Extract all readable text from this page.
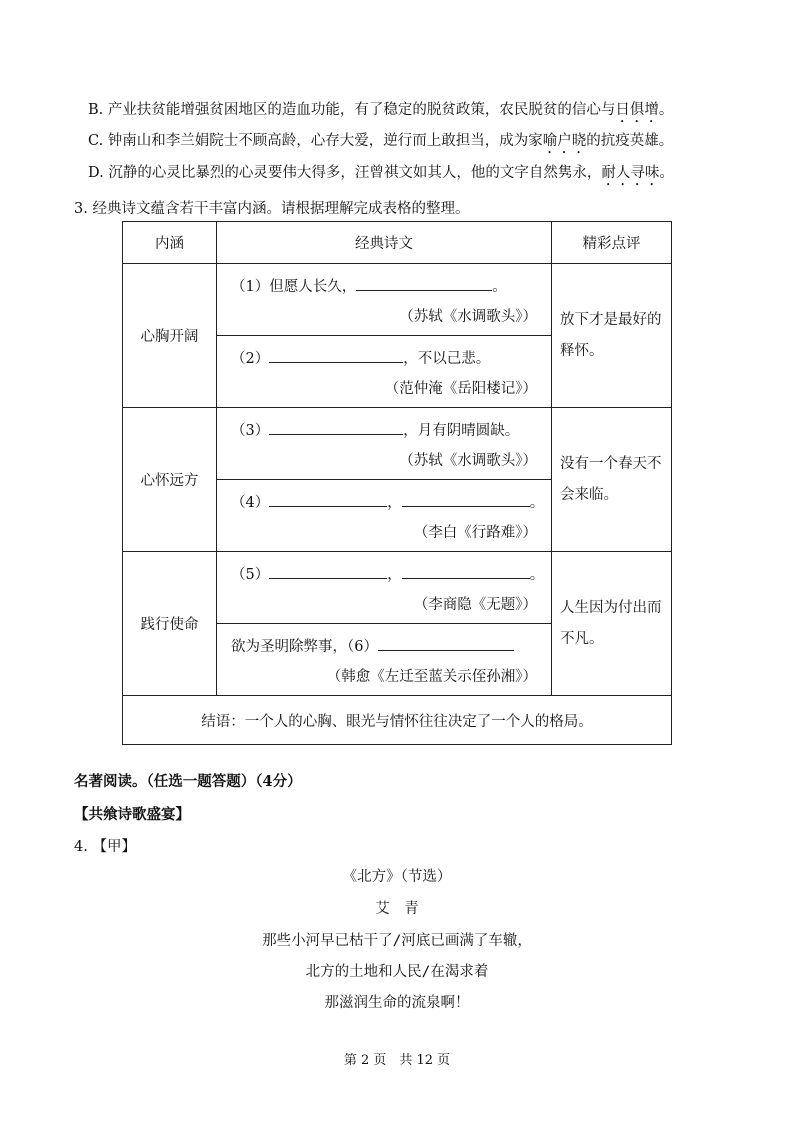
B. 产业扶贫能增强贫困地区的造血功能，有了稳定的脱贫政策，农民脱贫的信心与日俱增。
C. 钟南山和李兰娟院士不顾高龄，心存大爱，逆行而上敢担当，成为家喻户晓的抗疫英雄。
D. 沉静的心灵比暴烈的心灵要伟大得多，汪曾祺文如其人，他的文字自然隽永，耐人寻味。
3. 经典诗文蕴含若干丰富内涵。请根据理解完成表格的整理。
内涵	经典诗文	精彩点评
心胸开阔	（1）但愿人长久， 。
（苏轼《水调歌头》）	放下才是最好的释怀。

	（2） ，不以己悲。
（范仲淹《岳阳楼记》）	

心怀远方	（3） ，月有阴晴圆缺。
（苏轼《水调歌头》）	没有一个春天不会来临。

	（4） ， 。
（李白《行路难》）	

践行使命	（5） ， 。
（李商隐《无题》）	人生因为付出而不凡。

	欲为圣明除弊事，（6）
（韩愈《左迁至蓝关示侄孙湘》）	

结语：一个人的心胸、眼光与情怀往往决定了一个人的格局。		
名著阅读。（任选一题答题）（4分）
【共飨诗歌盛宴】
4. 【甲】
《北方》（节选）
艾　青
那些小河早已枯干了/河底已画满了车辙，
北方的土地和人民/在渴求着
那滋润生命的流泉啊！
第 2 页　共 12 页
